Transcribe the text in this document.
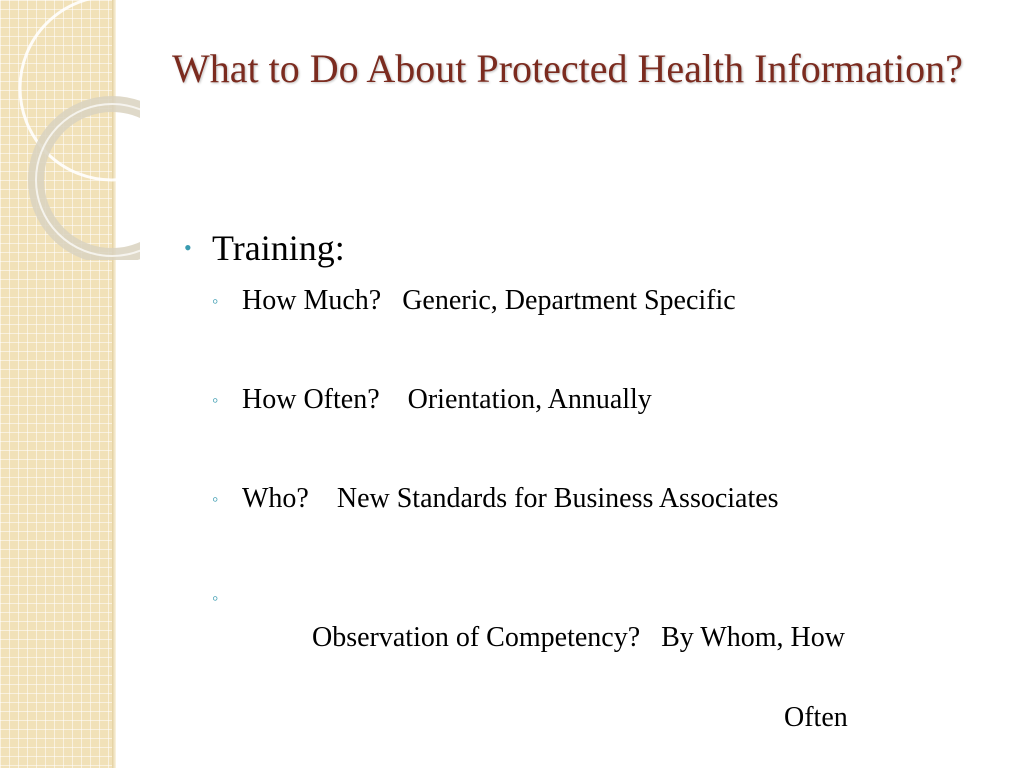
What to Do About Protected Health Information?
• Training:
◦ How Much?   Generic, Department Specific
◦ How Often?    Orientation, Annually
◦ Who?    New Standards for Business Associates
◦

Observation of Competency?   By Whom, How

Often
